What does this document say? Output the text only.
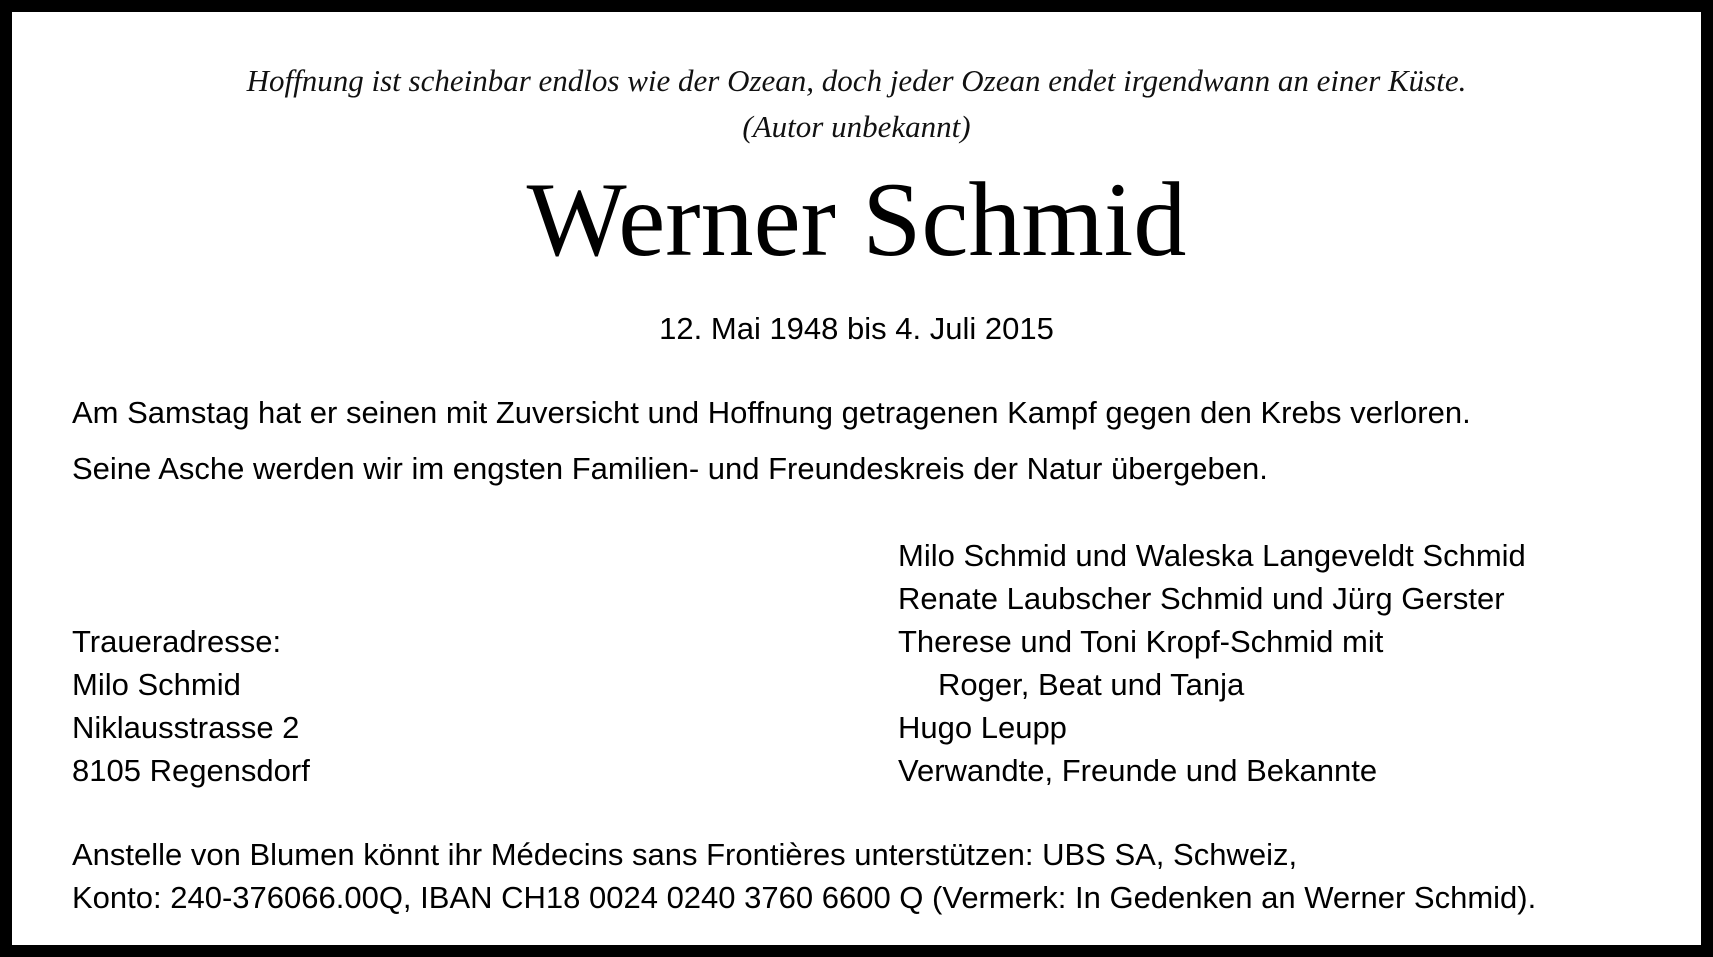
Hoffnung ist scheinbar endlos wie der Ozean, doch jeder Ozean endet irgendwann an einer Küste.
(Autor unbekannt)
Werner Schmid
12. Mai 1948 bis 4. Juli 2015
Am Samstag hat er seinen mit Zuversicht und Hoffnung getragenen Kampf gegen den Krebs verloren.
Seine Asche werden wir im engsten Familien- und Freundeskreis der Natur übergeben.
Milo Schmid und Waleska Langeveldt Schmid
Renate Laubscher Schmid und Jürg Gerster
Therese und Toni Kropf-Schmid mit
Roger, Beat und Tanja
Hugo Leupp
Verwandte, Freunde und Bekannte
Traueradresse:
Milo Schmid
Niklausstrasse 2
8105 Regensdorf
Anstelle von Blumen könnt ihr Médecins sans Frontières unterstützen: UBS SA, Schweiz,
Konto: 240-376066.00Q, IBAN CH18 0024 0240 3760 6600 Q (Vermerk: In Gedenken an Werner Schmid).
